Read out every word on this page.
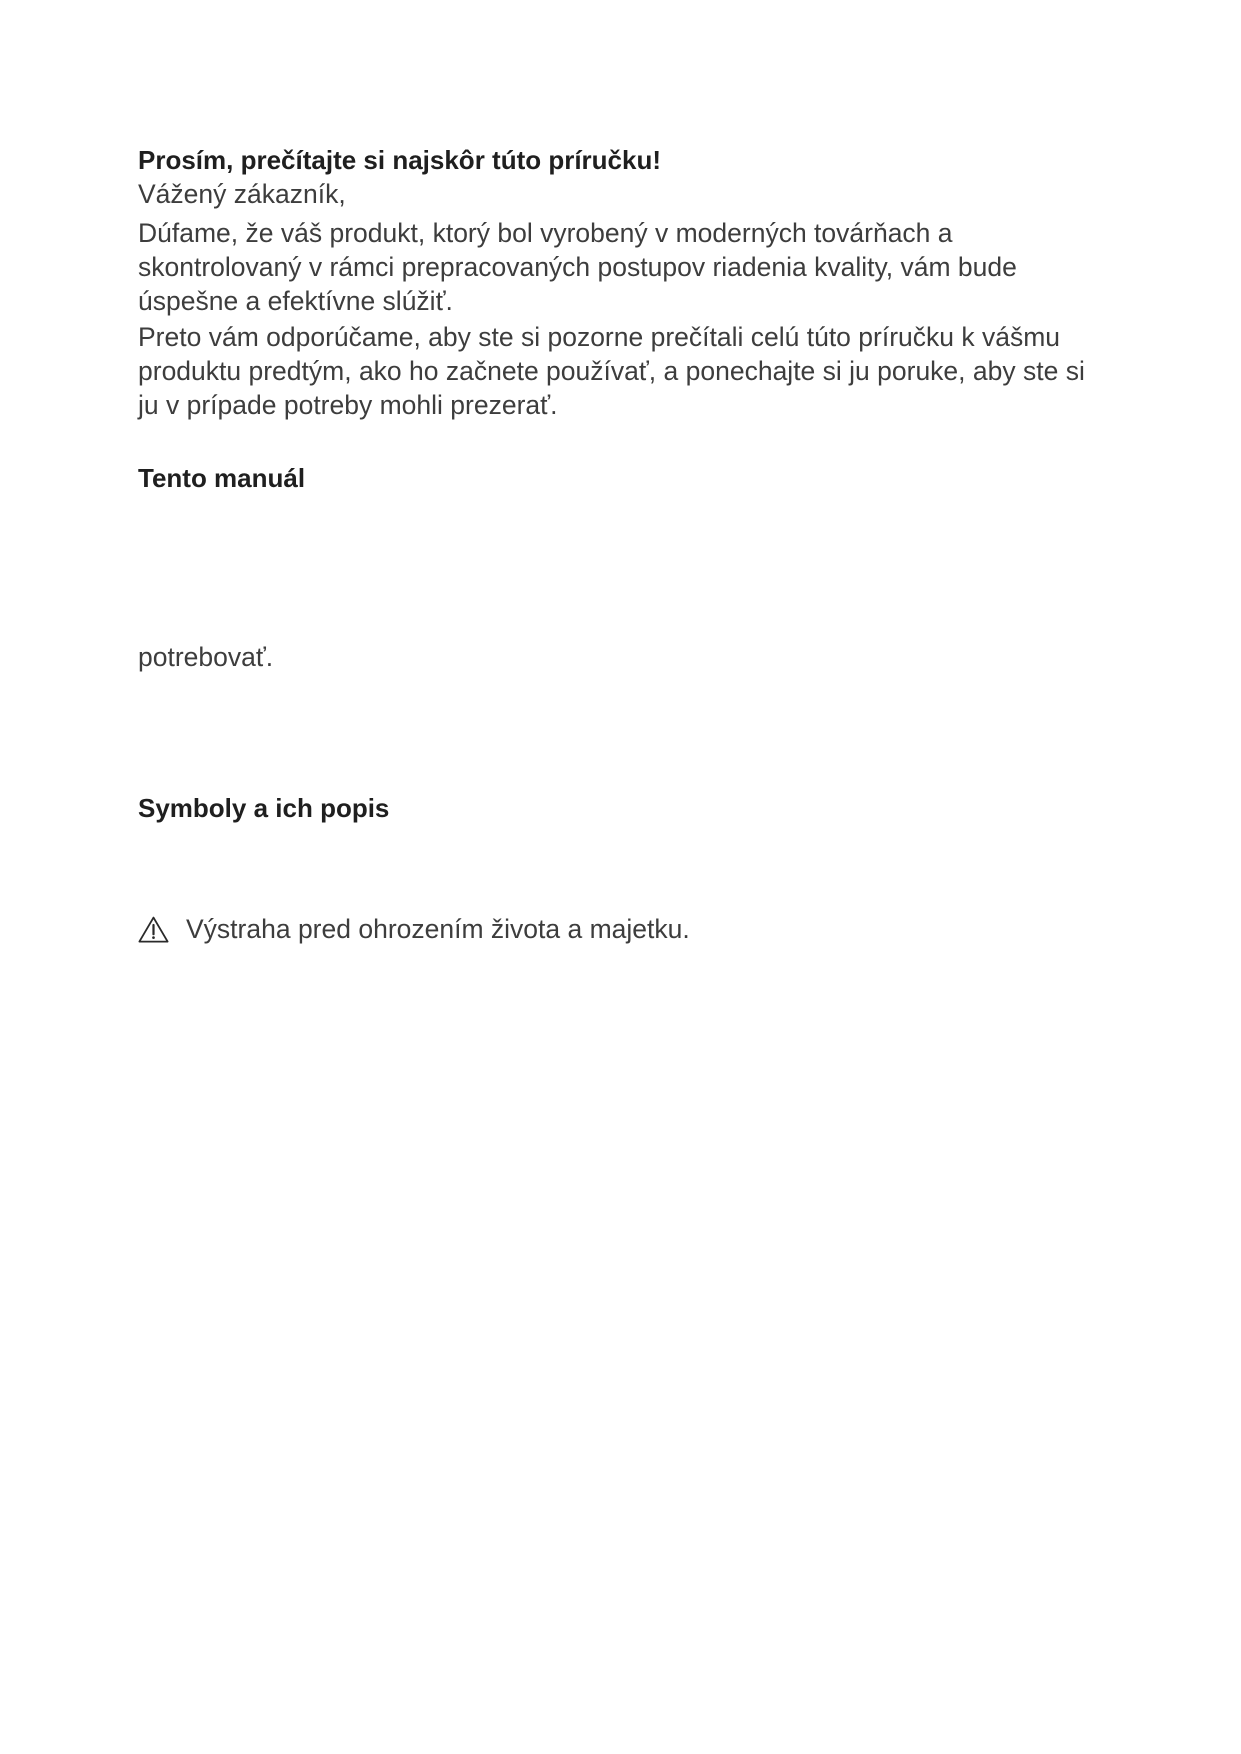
Prosím, prečítajte si najskôr túto príručku!
Vážený zákazník,
Dúfame, že váš produkt, ktorý bol vyrobený v moderných továrňach a
skontrolovaný v rámci prepracovaných postupov riadenia kvality, vám bude
úspešne a efektívne slúžiť.
Preto vám odporúčame, aby ste si pozorne prečítali celú túto príručku k vášmu
produktu predtým, ako ho začnete používať, a ponechajte si ju poruke, aby ste si
ju v prípade potreby mohli prezerať.
Tento manuál
potrebovať.
Symboly a ich popis
Výstraha pred ohrozením života a majetku.
